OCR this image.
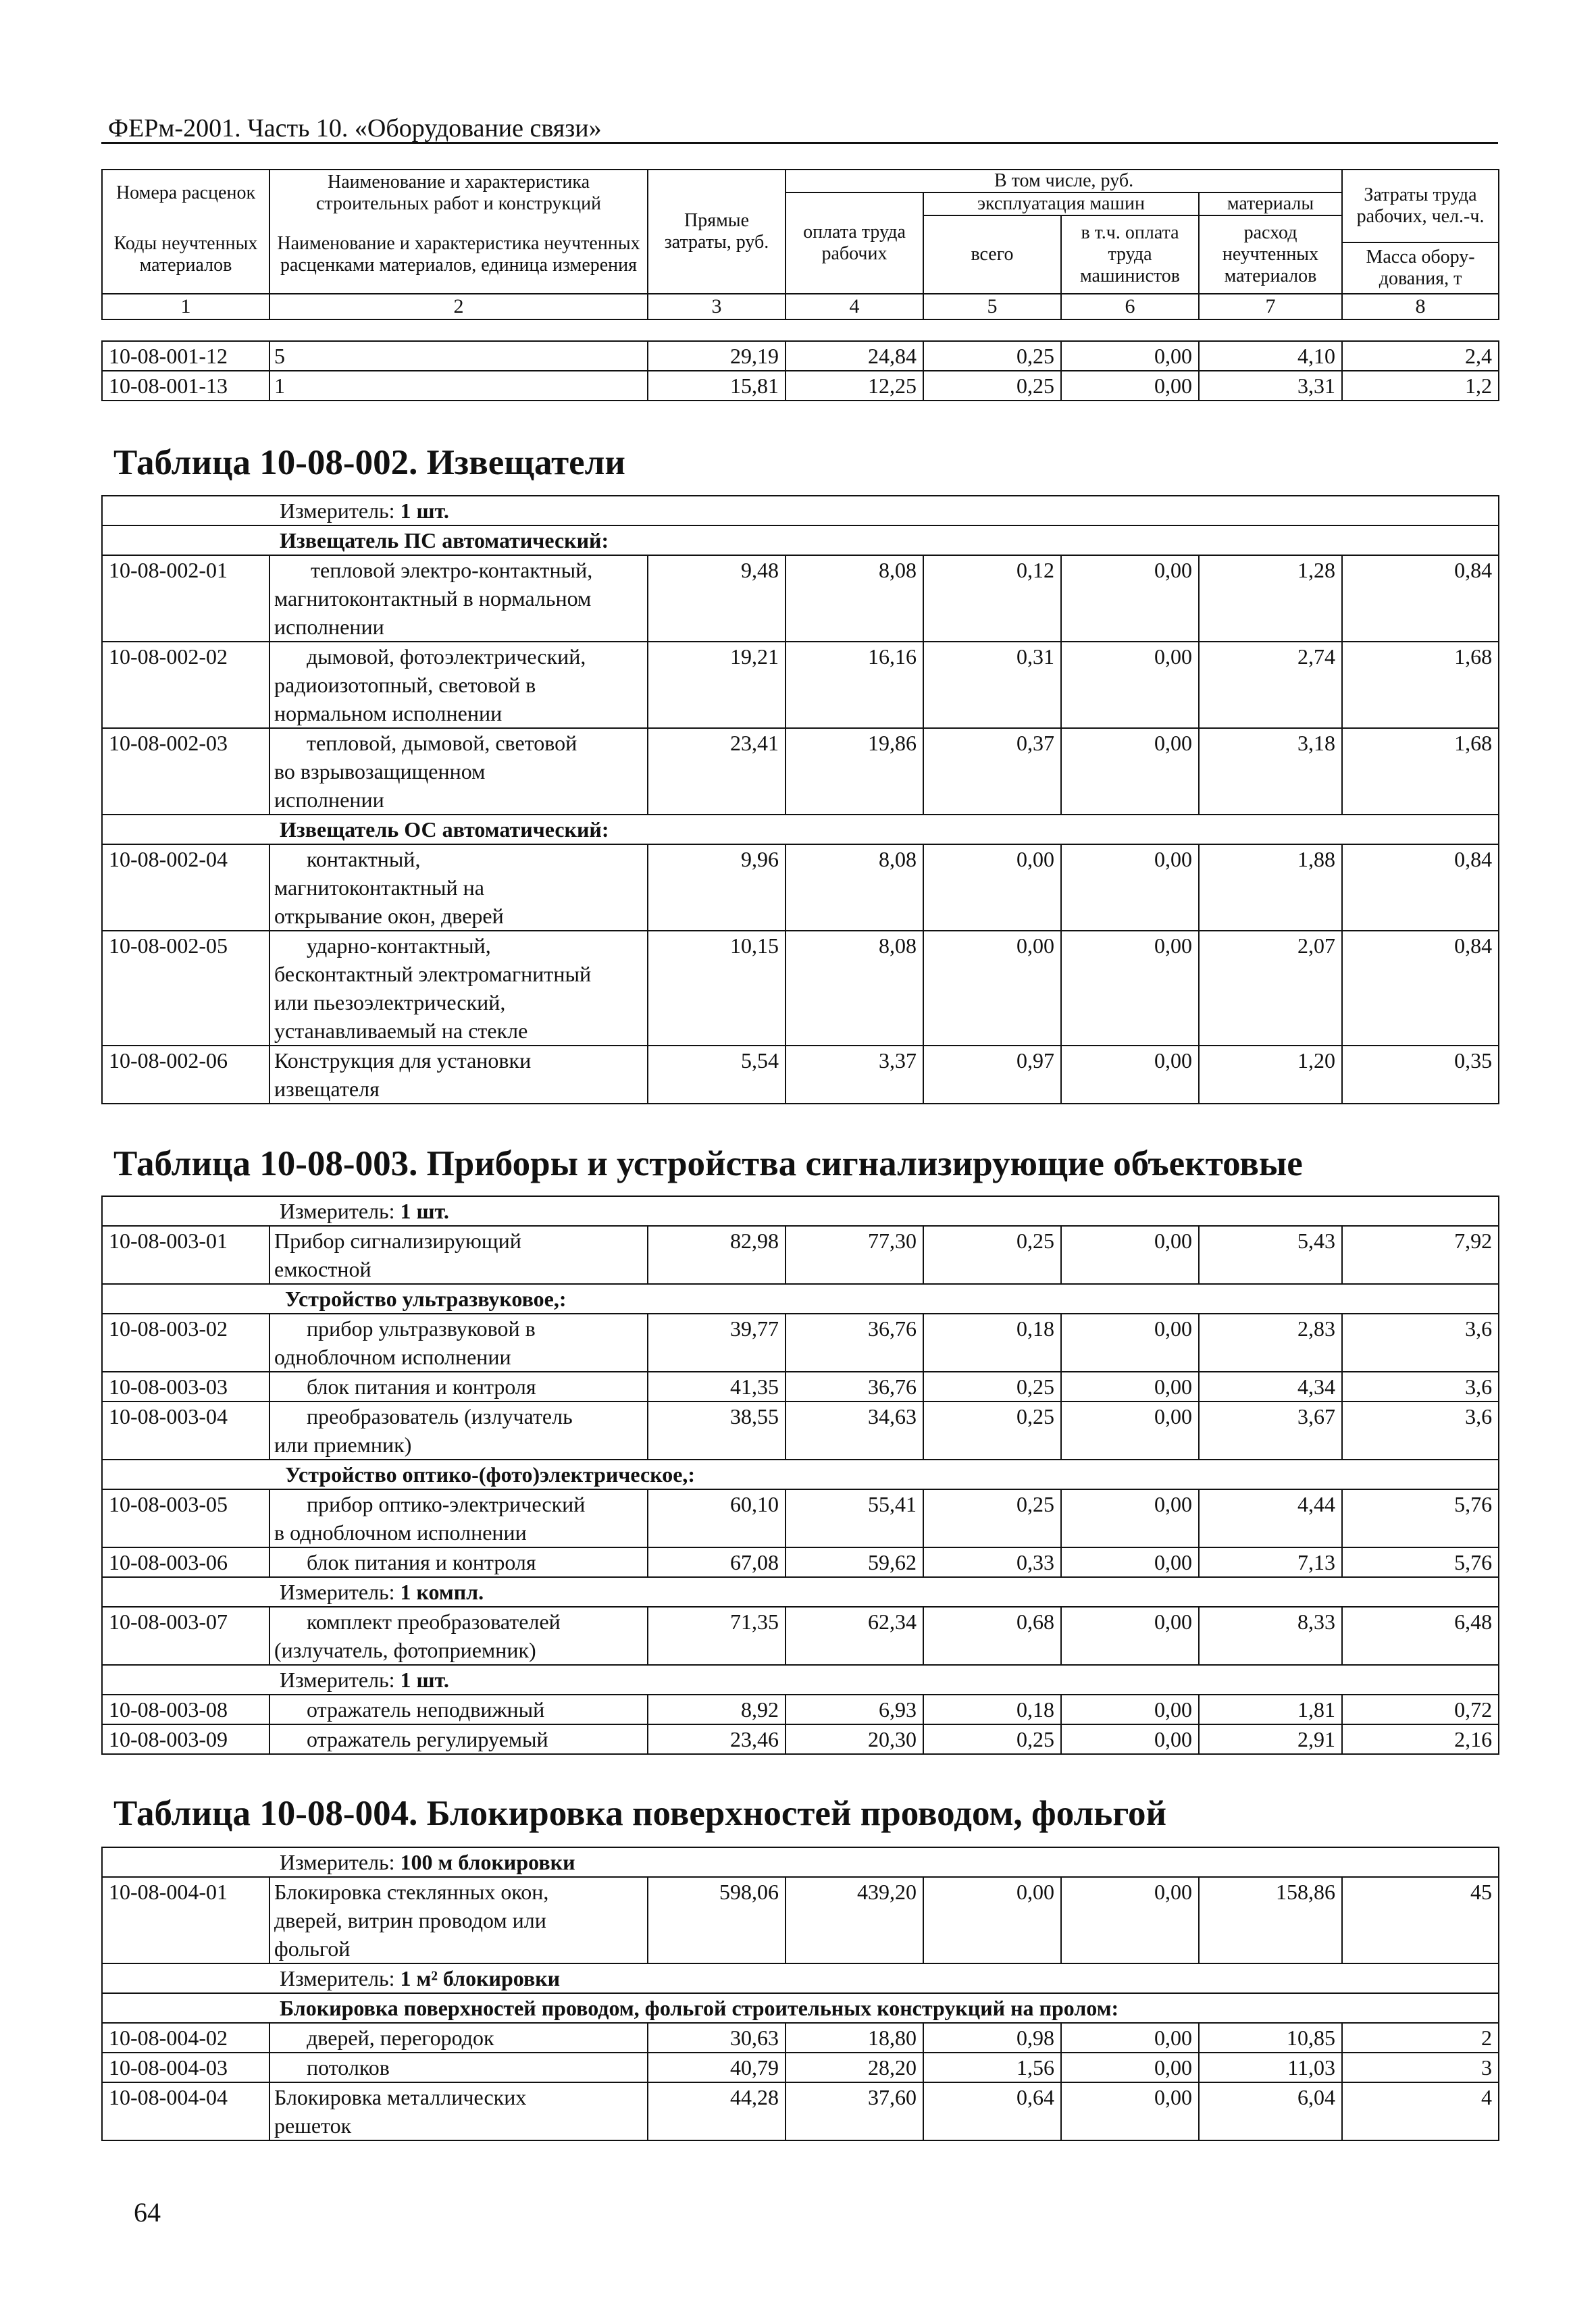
ФЕРм-2001. Часть 10. «Оборудование связи»
Номера расценок	Наименование и характеристика строительных работ и конструкций	Прямые затраты, руб.	В том числе, руб.				Затраты труда рабочих, чел.-ч.
			оплата труда рабочих	эксплуатация машин		материалы	
Коды неучтенных материалов	Наименование и характеристика неучтенных расценками материалов, единица измерения			всего	в т.ч. оплата труда машинистов	расход неучтенных материалов	
							Масса обору-дования, т
1	2	3	4	5	6	7	8
10-08-001-12	5	29,19	24,84	0,25	0,00	4,10	2,4
10-08-001-13	1	15,81	12,25	0,25	0,00	3,31	1,2
Таблица 10-08-002. Извещатели
Измеритель: 1 шт.							
Извещатель ПС автоматический:							
10-08-002-01	тепловой электро-контактный,
магнитоконтактный в нормальном
исполнении	9,48	8,08	0,12	0,00	1,28	0,84
10-08-002-02	дымовой, фотоэлектрический,
радиоизотопный, световой в
нормальном исполнении	19,21	16,16	0,31	0,00	2,74	1,68
10-08-002-03	тепловой, дымовой, световой
во взрывозащищенном
исполнении	23,41	19,86	0,37	0,00	3,18	1,68
Извещатель ОС автоматический:							
10-08-002-04	контактный,
магнитоконтактный на
открывание окон, дверей	9,96	8,08	0,00	0,00	1,88	0,84
10-08-002-05	ударно-контактный,
бесконтактный электромагнитный
или пьезоэлектрический,
устанавливаемый на стекле	10,15	8,08	0,00	0,00	2,07	0,84
10-08-002-06	Конструкция для установки
извещателя	5,54	3,37	0,97	0,00	1,20	0,35
Таблица 10-08-003. Приборы и устройства сигнализирующие объектовые
Измеритель: 1 шт.							
10-08-003-01	Прибор сигнализирующий
емкостной	82,98	77,30	0,25	0,00	5,43	7,92
Устройство ультразвуковое,:							
10-08-003-02	прибор ультразвуковой в
одноблочном исполнении	39,77	36,76	0,18	0,00	2,83	3,6
10-08-003-03	блок питания и контроля	41,35	36,76	0,25	0,00	4,34	3,6
10-08-003-04	преобразователь (излучатель
или приемник)	38,55	34,63	0,25	0,00	3,67	3,6
Устройство оптико-(фото)электрическое,:							
10-08-003-05	прибор оптико-электрический
в одноблочном исполнении	60,10	55,41	0,25	0,00	4,44	5,76
10-08-003-06	блок питания и контроля	67,08	59,62	0,33	0,00	7,13	5,76
Измеритель: 1 компл.							
10-08-003-07	комплект преобразователей
(излучатель, фотоприемник)	71,35	62,34	0,68	0,00	8,33	6,48
Измеритель: 1 шт.							
10-08-003-08	отражатель неподвижный	8,92	6,93	0,18	0,00	1,81	0,72
10-08-003-09	отражатель регулируемый	23,46	20,30	0,25	0,00	2,91	2,16
Таблица 10-08-004. Блокировка поверхностей проводом, фольгой
Измеритель: 100 м блокировки							
10-08-004-01	Блокировка стеклянных окон,
дверей, витрин проводом или
фольгой	598,06	439,20	0,00	0,00	158,86	45
Измеритель: 1 м² блокировки							
Блокировка поверхностей проводом, фольгой строительных конструкций на пролом:							
10-08-004-02	дверей, перегородок	30,63	18,80	0,98	0,00	10,85	2
10-08-004-03	потолков	40,79	28,20	1,56	0,00	11,03	3
10-08-004-04	Блокировка металлических
решеток	44,28	37,60	0,64	0,00	6,04	4
64
